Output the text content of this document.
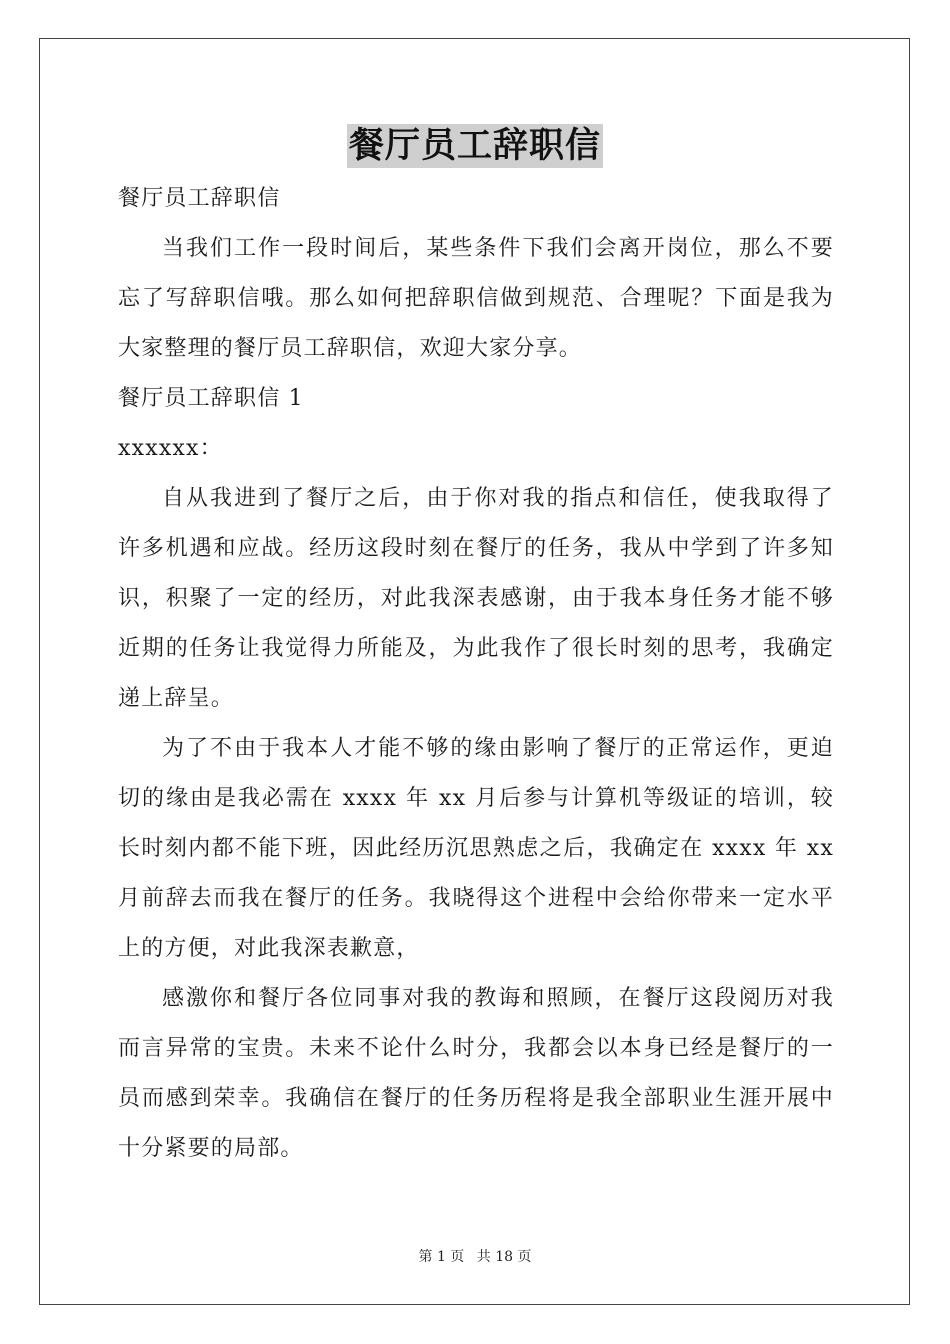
餐厅员工辞职信
餐厅员工辞职信

当我们工作一段时间后，某些条件下我们会离开岗位，那么不要忘了写辞职信哦。那么如何把辞职信做到规范、合理呢？下面是我为大家整理的餐厅员工辞职信，欢迎大家分享。

餐厅员工辞职信 1
xxxxxx：

自从我进到了餐厅之后，由于你对我的指点和信任，使我取得了许多机遇和应战。经历这段时刻在餐厅的任务，我从中学到了许多知识，积聚了一定的经历，对此我深表感谢，由于我本身任务才能不够近期的任务让我觉得力所能及，为此我作了很长时刻的思考，我确定递上辞呈。

为了不由于我本人才能不够的缘由影响了餐厅的正常运作，更迫切的缘由是我必需在 xxxx 年 xx 月后参与计算机等级证的培训，较长时刻内都不能下班，因此经历沉思熟虑之后，我确定在 xxxx 年 xx 月前辞去而我在餐厅的任务。我晓得这个进程中会给你带来一定水平上的方便，对此我深表歉意，

感激你和餐厅各位同事对我的教诲和照顾，在餐厅这段阅历对我而言异常的宝贵。未来不论什么时分，我都会以本身已经是餐厅的一员而感到荣幸。我确信在餐厅的任务历程将是我全部职业生涯开展中十分紧要的局部。

第 1 页 共 18 页
